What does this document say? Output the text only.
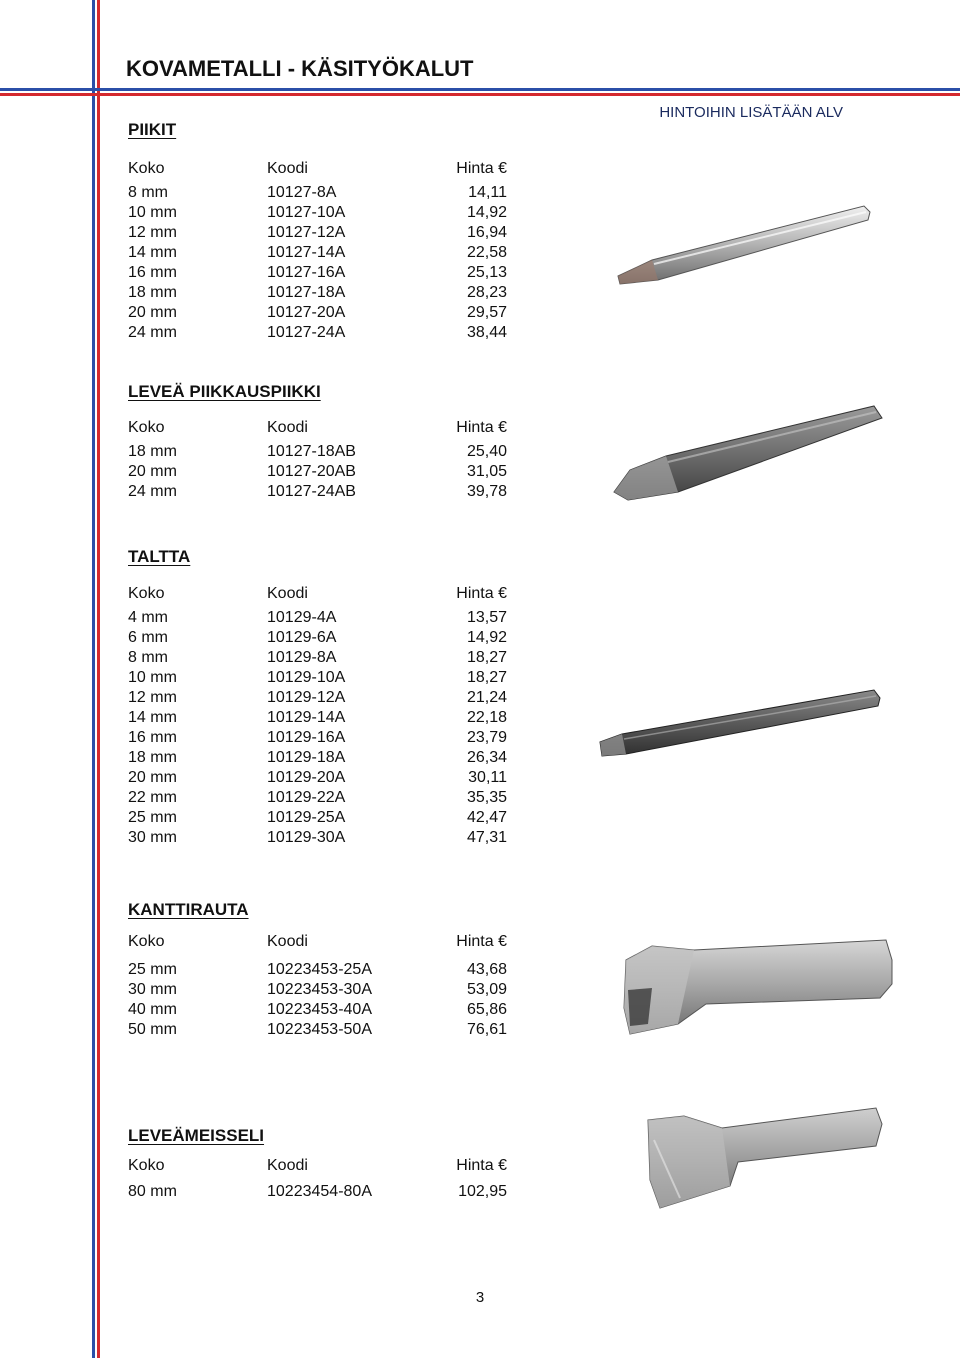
KOVAMETALLI - KÄSITYÖKALUT
HINTOIHIN LISÄTÄÄN ALV
PIIKIT
Koko	Koodi	Hinta €
8 mm	10127-8A	14,11
10 mm	10127-10A	14,92
12 mm	10127-12A	16,94
14 mm	10127-14A	22,58
16 mm	10127-16A	25,13
18 mm	10127-18A	28,23
20 mm	10127-20A	29,57
24 mm	10127-24A	38,44
LEVEÄ PIIKKAUSPIIKKI
Koko	Koodi	Hinta €
18 mm	10127-18AB	25,40
20 mm	10127-20AB	31,05
24 mm	10127-24AB	39,78
TALTTA
Koko	Koodi	Hinta €
4 mm	10129-4A	13,57
6 mm	10129-6A	14,92
8 mm	10129-8A	18,27
10 mm	10129-10A	18,27
12 mm	10129-12A	21,24
14 mm	10129-14A	22,18
16 mm	10129-16A	23,79
18 mm	10129-18A	26,34
20 mm	10129-20A	30,11
22 mm	10129-22A	35,35
25 mm	10129-25A	42,47
30 mm	10129-30A	47,31
KANTTIRAUTA
Koko	Koodi	Hinta €
25 mm	10223453-25A	43,68
30 mm	10223453-30A	53,09
40 mm	10223453-40A	65,86
50 mm	10223453-50A	76,61
LEVEÄMEISSELI
Koko	Koodi	Hinta €
80 mm	10223454-80A	102,95
3
